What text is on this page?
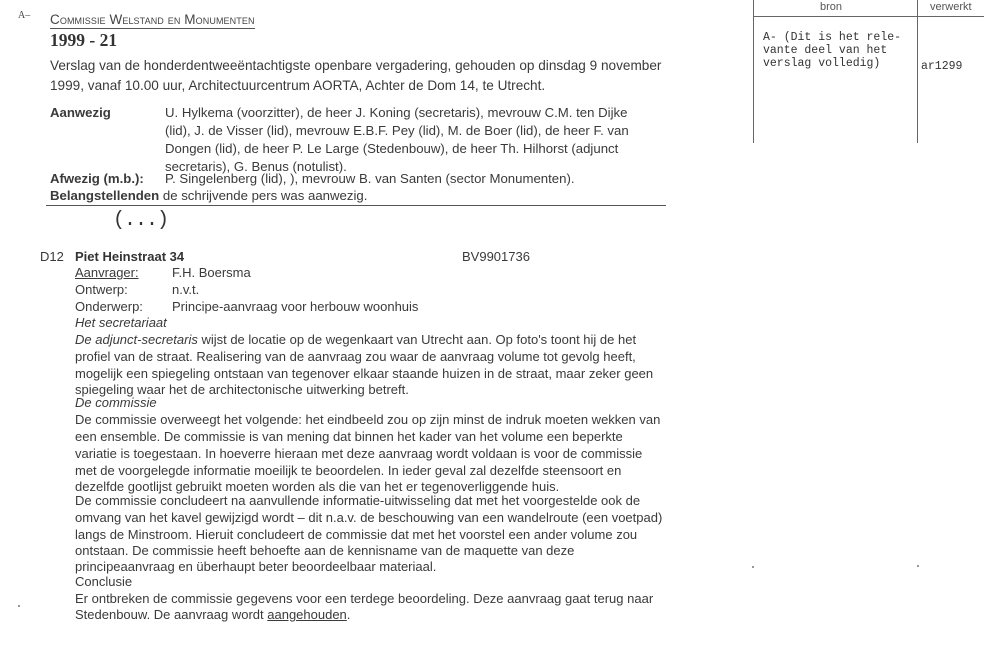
A– Commissie Welstand en Monumenten
1999 - 21
Verslag van de honderdentweeëntachtigste openbare vergadering, gehouden op dinsdag 9 november
1999, vanaf 10.00 uur, Architectuurcentrum AORTA, Achter de Dom 14, te Utrecht.
Aanwezig	U. Hylkema (voorzitter), de heer J. Koning (secretaris), mevrouw C.M. ten Dijke
(lid), J. de Visser (lid), mevrouw E.B.F. Pey (lid), M. de Boer (lid), de heer F. van
Dongen (lid), de heer P. Le Large (Stedenbouw), de heer Th. Hilhorst (adjunct
secretaris), G. Benus (notulist).
Afwezig (m.b.): P. Singelenberg (lid), ), mevrouw B. van Santen (sector Monumenten).
Belangstellenden de schrijvende pers was aanwezig.
(...)
D12 Piet Heinstraat 34	BV9901736
Aanvrager:	F.H. Boersma
Ontwerp:	n.v.t.
Onderwerp: Principe-aanvraag voor herbouw woonhuis
Het secretariaat
De adjunct-secretaris wijst de locatie op de wegenkaart van Utrecht aan. Op foto's toont hij de het
profiel van de straat. Realisering van de aanvraag zou waar de aanvraag volume tot gevolg heeft,
mogelijk een spiegeling ontstaan van tegenover elkaar staande huizen in de straat, maar zeker geen
spiegeling waar het de architectonische uitwerking betreft.
De commissie
De commissie overweegt het volgende: het eindbeeld zou op zijn minst de indruk moeten wekken van
een ensemble. De commissie is van mening dat binnen het kader van het volume een beperkte
variatie is toegestaan. In hoeverre hieraan met deze aanvraag wordt voldaan is voor de commissie
met de voorgelegde informatie moeilijk te beoordelen. In ieder geval zal dezelfde steensoort en
dezelfde gootlijst gebruikt moeten worden als die van het er tegenoverliggende huis.
De commissie concludeert na aanvullende informatie-uitwisseling dat met het voorgestelde ook de
omvang van het kavel gewijzigd wordt – dit n.a.v. de beschouwing van een wandelroute (een voetpad)
langs de Minstroom. Hieruit concludeert de commissie dat met het voorstel een ander volume zou
ontstaan. De commissie heeft behoefte aan de kennisname van de maquette van deze
principeaanvraag en überhaupt beter beoordeelbaar materiaal.
Conclusie
Er ontbreken de commissie gegevens voor een terdege beoordeling. Deze aanvraag gaat terug naar
Stedenbouw. De aanvraag wordt aangehouden.
bron	verwerkt
A- (Dit is het rele-
vante deel van het
verslag volledig)	ar1299
